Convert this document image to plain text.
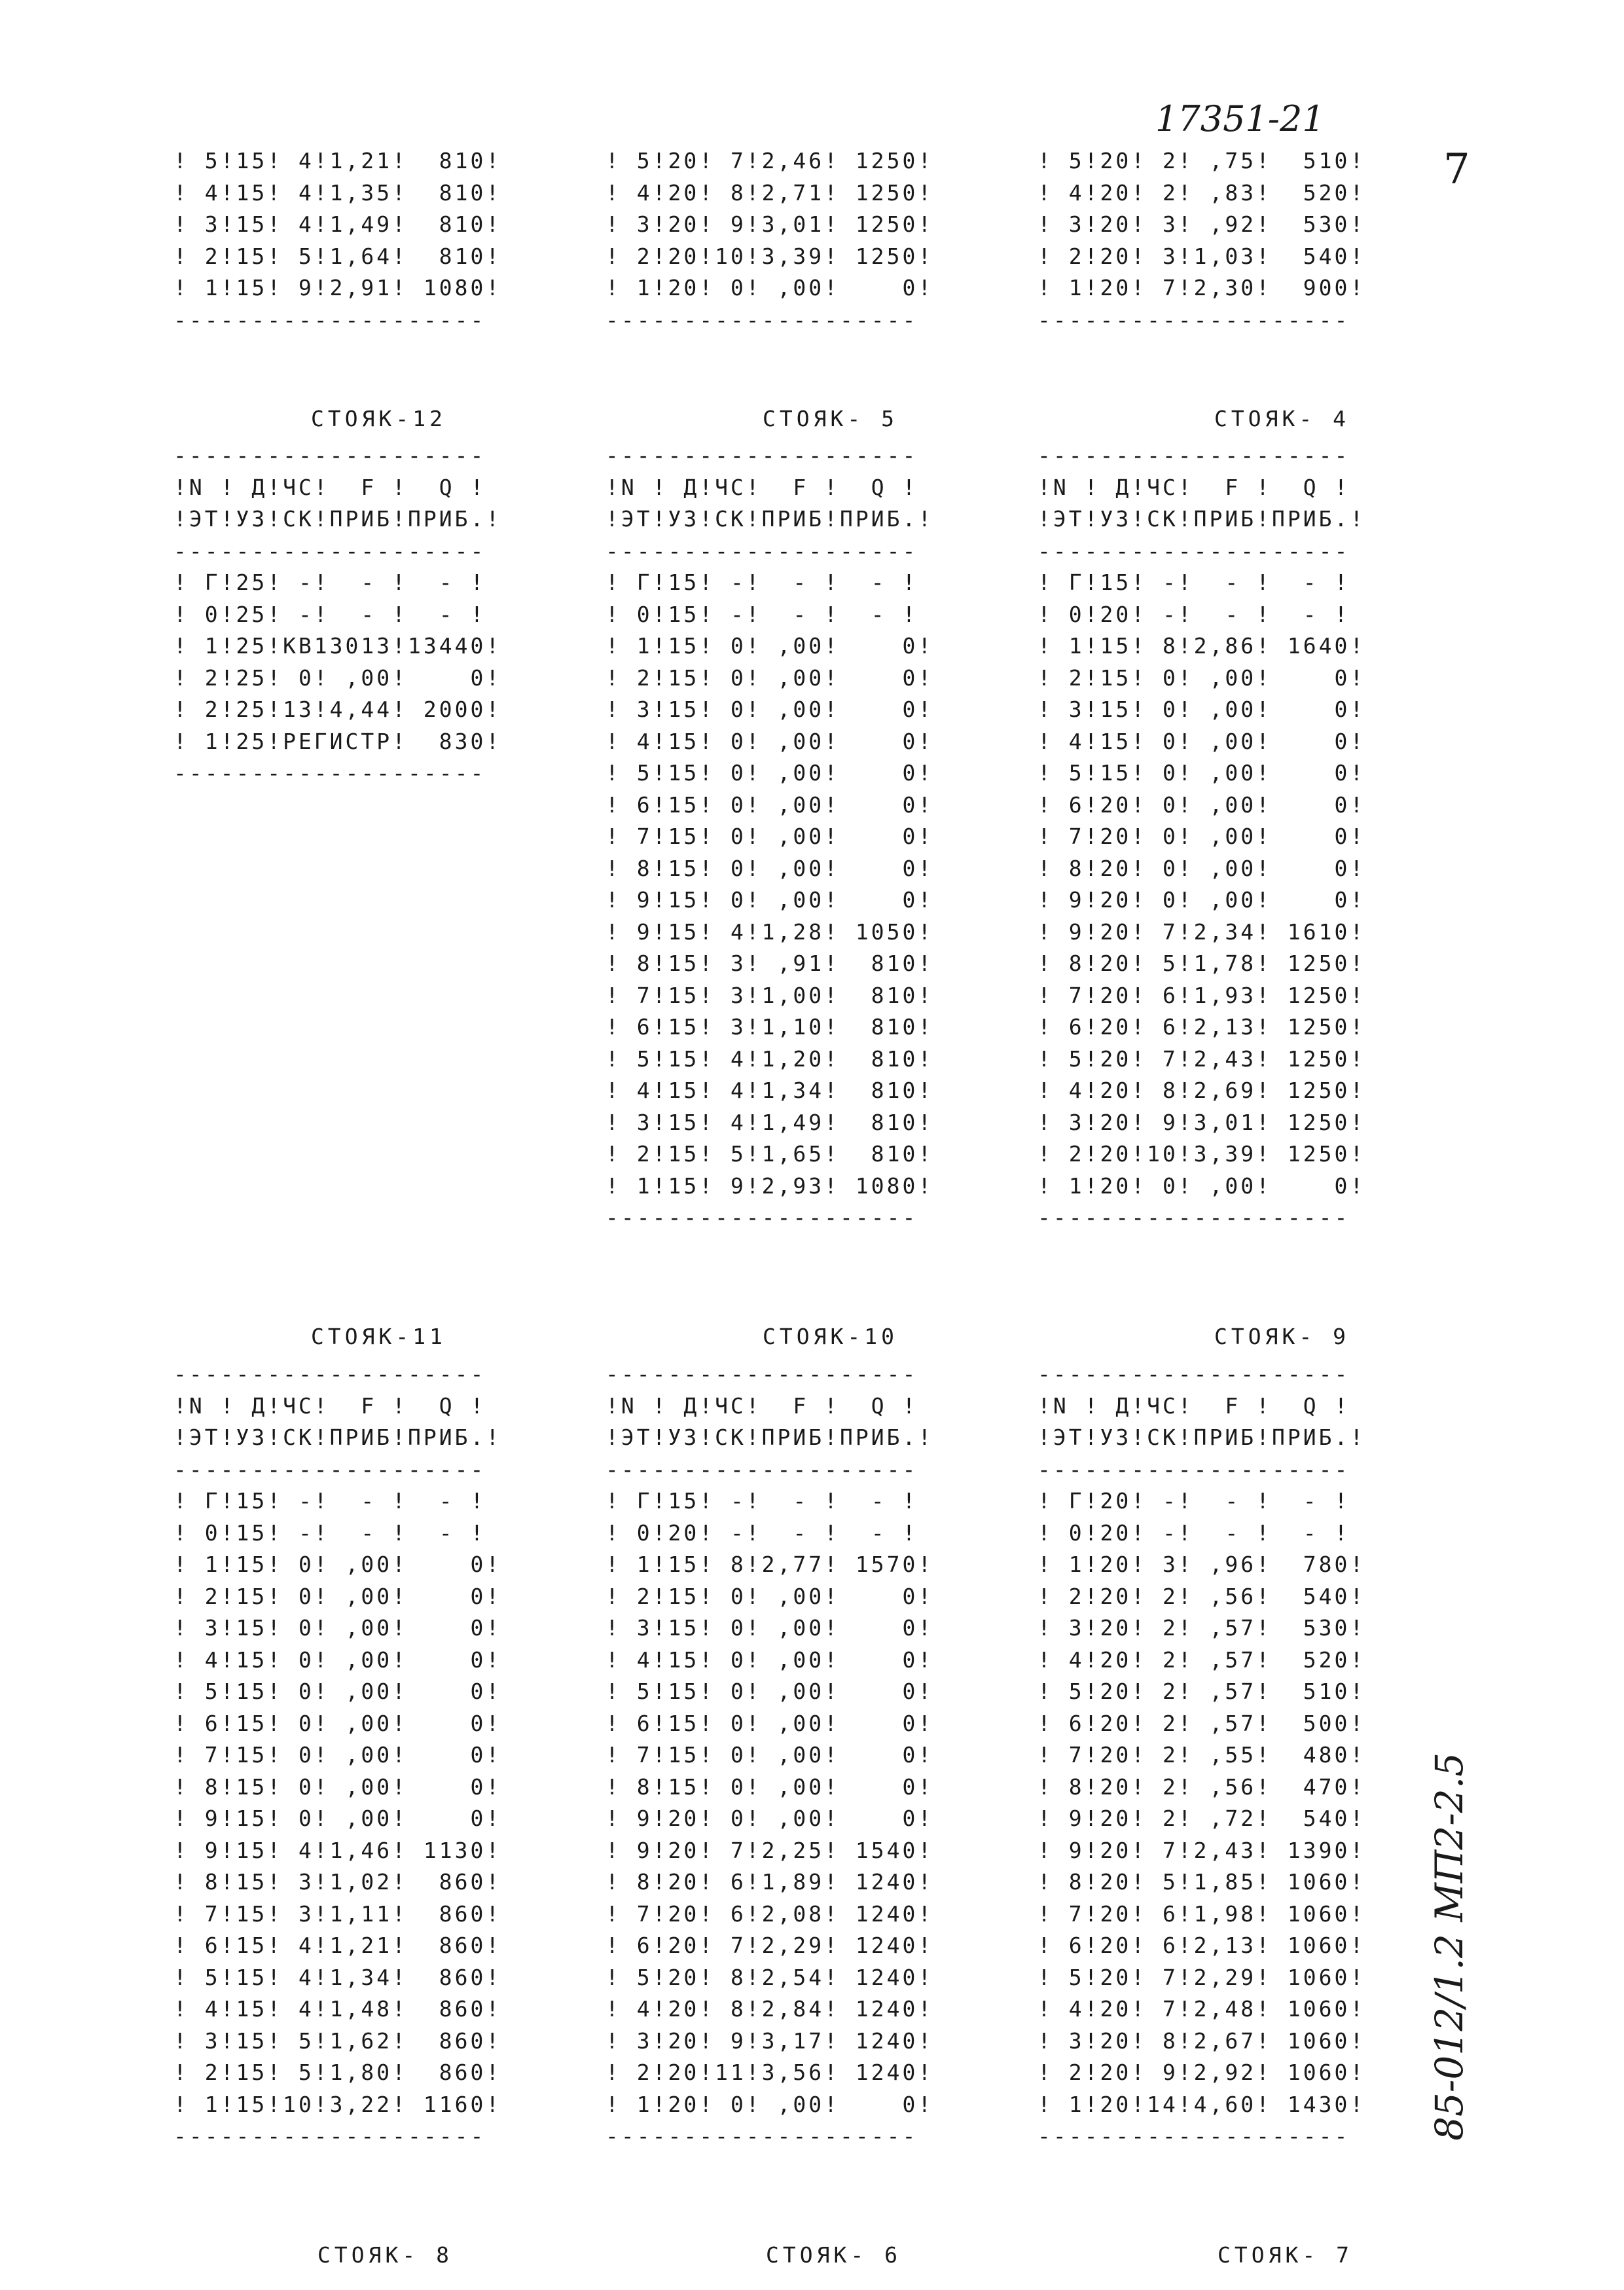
17351-21
7
85-012/1.2 МП2-2.5
! 5!15! 4!1,21!  810!
! 4!15! 4!1,35!  810!
! 3!15! 4!1,49!  810!
! 2!15! 5!1,64!  810!
! 1!15! 9!2,91! 1080!
--------------------
! 5!20! 7!2,46! 1250!
! 4!20! 8!2,71! 1250!
! 3!20! 9!3,01! 1250!
! 2!20!10!3,39! 1250!
! 1!20! 0! ,00!    0!
--------------------
! 5!20! 2! ,75!  510!
! 4!20! 2! ,83!  520!
! 3!20! 3! ,92!  530!
! 2!20! 3!1,03!  540!
! 1!20! 7!2,30!  900!
--------------------
СТОЯК-12	СТОЯК- 5	СТОЯК- 4
--------------------
!N ! Д!ЧС!  F !  Q !
!ЭТ!УЗ!СК!ПРИБ!ПРИБ.!
--------------------
! Г!25! -!  - !  - !
! 0!25! -!  - !  - !
! 1!25!КВ13013!13440!
! 2!25! 0! ,00!    0!
! 2!25!13!4,44! 2000!
! 1!25!РЕГИСТР!  830!
--------------------
--------------------
!N ! Д!ЧС!  F !  Q !
!ЭТ!УЗ!СК!ПРИБ!ПРИБ.!
--------------------
! Г!15! -!  - !  - !
! 0!15! -!  - !  - !
! 1!15! 0! ,00!    0!
! 2!15! 0! ,00!    0!
! 3!15! 0! ,00!    0!
! 4!15! 0! ,00!    0!
! 5!15! 0! ,00!    0!
! 6!15! 0! ,00!    0!
! 7!15! 0! ,00!    0!
! 8!15! 0! ,00!    0!
! 9!15! 0! ,00!    0!
! 9!15! 4!1,28! 1050!
! 8!15! 3! ,91!  810!
! 7!15! 3!1,00!  810!
! 6!15! 3!1,10!  810!
! 5!15! 4!1,20!  810!
! 4!15! 4!1,34!  810!
! 3!15! 4!1,49!  810!
! 2!15! 5!1,65!  810!
! 1!15! 9!2,93! 1080!
--------------------
--------------------
!N ! Д!ЧС!  F !  Q !
!ЭТ!УЗ!СК!ПРИБ!ПРИБ.!
--------------------
! Г!15! -!  - !  - !
! 0!20! -!  - !  - !
! 1!15! 8!2,86! 1640!
! 2!15! 0! ,00!    0!
! 3!15! 0! ,00!    0!
! 4!15! 0! ,00!    0!
! 5!15! 0! ,00!    0!
! 6!20! 0! ,00!    0!
! 7!20! 0! ,00!    0!
! 8!20! 0! ,00!    0!
! 9!20! 0! ,00!    0!
! 9!20! 7!2,34! 1610!
! 8!20! 5!1,78! 1250!
! 7!20! 6!1,93! 1250!
! 6!20! 6!2,13! 1250!
! 5!20! 7!2,43! 1250!
! 4!20! 8!2,69! 1250!
! 3!20! 9!3,01! 1250!
! 2!20!10!3,39! 1250!
! 1!20! 0! ,00!    0!
--------------------
СТОЯК-11	СТОЯК-10	СТОЯК- 9
--------------------
!N ! Д!ЧС!  F !  Q !
!ЭТ!УЗ!СК!ПРИБ!ПРИБ.!
--------------------
! Г!15! -!  - !  - !
! 0!15! -!  - !  - !
! 1!15! 0! ,00!    0!
! 2!15! 0! ,00!    0!
! 3!15! 0! ,00!    0!
! 4!15! 0! ,00!    0!
! 5!15! 0! ,00!    0!
! 6!15! 0! ,00!    0!
! 7!15! 0! ,00!    0!
! 8!15! 0! ,00!    0!
! 9!15! 0! ,00!    0!
! 9!15! 4!1,46! 1130!
! 8!15! 3!1,02!  860!
! 7!15! 3!1,11!  860!
! 6!15! 4!1,21!  860!
! 5!15! 4!1,34!  860!
! 4!15! 4!1,48!  860!
! 3!15! 5!1,62!  860!
! 2!15! 5!1,80!  860!
! 1!15!10!3,22! 1160!
--------------------
--------------------
!N ! Д!ЧС!  F !  Q !
!ЭТ!УЗ!СК!ПРИБ!ПРИБ.!
--------------------
! Г!15! -!  - !  - !
! 0!20! -!  - !  - !
! 1!15! 8!2,77! 1570!
! 2!15! 0! ,00!    0!
! 3!15! 0! ,00!    0!
! 4!15! 0! ,00!    0!
! 5!15! 0! ,00!    0!
! 6!15! 0! ,00!    0!
! 7!15! 0! ,00!    0!
! 8!15! 0! ,00!    0!
! 9!20! 0! ,00!    0!
! 9!20! 7!2,25! 1540!
! 8!20! 6!1,89! 1240!
! 7!20! 6!2,08! 1240!
! 6!20! 7!2,29! 1240!
! 5!20! 8!2,54! 1240!
! 4!20! 8!2,84! 1240!
! 3!20! 9!3,17! 1240!
! 2!20!11!3,56! 1240!
! 1!20! 0! ,00!    0!
--------------------
--------------------
!N ! Д!ЧС!  F !  Q !
!ЭТ!УЗ!СК!ПРИБ!ПРИБ.!
--------------------
! Г!20! -!  - !  - !
! 0!20! -!  - !  - !
! 1!20! 3! ,96!  780!
! 2!20! 2! ,56!  540!
! 3!20! 2! ,57!  530!
! 4!20! 2! ,57!  520!
! 5!20! 2! ,57!  510!
! 6!20! 2! ,57!  500!
! 7!20! 2! ,55!  480!
! 8!20! 2! ,56!  470!
! 9!20! 2! ,72!  540!
! 9!20! 7!2,43! 1390!
! 8!20! 5!1,85! 1060!
! 7!20! 6!1,98! 1060!
! 6!20! 6!2,13! 1060!
! 5!20! 7!2,29! 1060!
! 4!20! 7!2,48! 1060!
! 3!20! 8!2,67! 1060!
! 2!20! 9!2,92! 1060!
! 1!20!14!4,60! 1430!
--------------------
СТОЯК- 8	СТОЯК- 6	СТОЯК- 7
